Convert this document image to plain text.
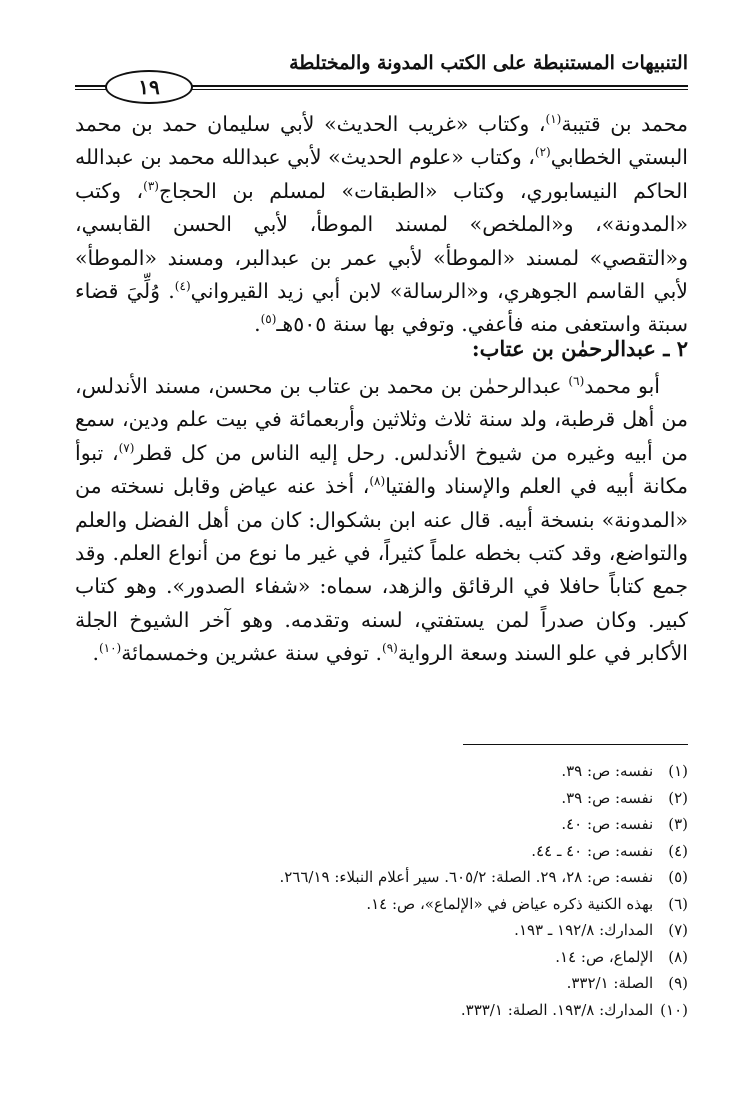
التنبيهات المستنبطة على الكتب المدونة والمختلطة
١٩

محمد بن قتيبة$^{(١)}$، وكتاب «غريب الحديث» لأبي سليمان حمد بن محمد البستي الخطابي$^{(٢)}$، وكتاب «علوم الحديث» لأبي عبدالله محمد بن عبدالله الحاكم النيسابوري، وكتاب «الطبقات» لمسلم بن الحجاج$^{(٣)}$، وكتب «المدونة»، و«الملخص» لمسند الموطأ، لأبي الحسن القابسي، و«التقصي» لمسند «الموطأ» لأبي عمر بن عبدالبر، ومسند «الموطأ» لأبي القاسم الجوهري، و«الرسالة» لابن أبي زيد القيرواني$^{(٤)}$. وُلِّيَ قضاء سبتة واستعفى منه فأعفي. وتوفي بها سنة ٥٠٥هـ$^{(٥)}$.

٢ ـ عبدالرحمٰن بن عتاب:

أبو محمد$^{(٦)}$ عبدالرحمٰن بن محمد بن عتاب بن محسن، مسند الأندلس، من أهل قرطبة، ولد سنة ثلاث وثلاثين وأربعمائة في بيت علم ودين، سمع من أبيه وغيره من شيوخ الأندلس. رحل إليه الناس من كل قطر$^{(٧)}$، تبوأ مكانة أبيه في العلم والإسناد والفتيا$^{(٨)}$، أخذ عنه عياض وقابل نسخته من «المدونة» بنسخة أبيه. قال عنه ابن بشكوال: كان من أهل الفضل والعلم والتواضع، وقد كتب بخطه علماً كثيراً، في غير ما نوع من أنواع العلم. وقد جمع كتاباً حافلا في الرقائق والزهد، سماه: «شفاء الصدور». وهو كتاب كبير. وكان صدراً لمن يستفتي، لسنه وتقدمه. وهو آخر الشيوخ الجلة الأكابر في علو السند وسعة الرواية$^{(٩)}$. توفي سنة عشرين وخمسمائة$^{(١٠)}$.

(١) نفسه: ص: ٣٩.
(٢) نفسه: ص: ٣٩.
(٣) نفسه: ص: ٤٠.
(٤) نفسه: ص: ٤٠ ـ ٤٤.
(٥) نفسه: ص: ٢٨، ٢٩. الصلة: ٦٠٥/٢. سير أعلام النبلاء: ٢٦٦/١٩.
(٦) بهذه الكنية ذكره عياض في «الإلماع»، ص: ١٤.
(٧) المدارك: ١٩٢/٨ ـ ١٩٣.
(٨) الإلماع، ص: ١٤.
(٩) الصلة: ٣٣٢/١.
(١٠) المدارك: ١٩٣/٨. الصلة: ٣٣٣/١.
